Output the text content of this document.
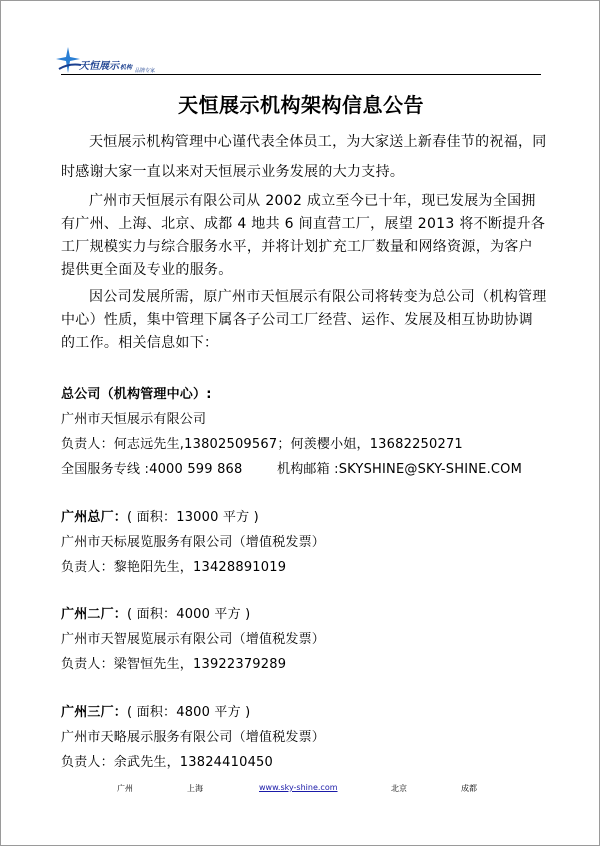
天恒展示机构 品牌专家
天恒展示机构架构信息公告
天恒展示机构管理中心谨代表全体员工，为大家送上新春佳节的祝福，同时感谢大家一直以来对天恒展示业务发展的大力支持。
广州市天恒展示有限公司从 2002 成立至今已十年，现已发展为全国拥有广州、上海、北京、成都 4 地共 6 间直营工厂，展望 2013 将不断提升各工厂规模实力与综合服务水平，并将计划扩充工厂数量和网络资源，为客户提供更全面及专业的服务。
因公司发展所需，原广州市天恒展示有限公司将转变为总公司（机构管理中心）性质，集中管理下属各子公司工厂经营、运作、发展及相互协助协调的工作。相关信息如下：
总公司（机构管理中心）:
广州市天恒展示有限公司
负责人：何志远先生,13802509567；何羡樱小姐，13682250271
全国服务专线 :4000 599 868	机构邮箱 :SKYSHINE@SKY-SHINE.COM
广州总厂：( 面积：13000 平方 )
广州市天标展览服务有限公司（增值税发票）
负责人：黎艳阳先生，13428891019
广州二厂：( 面积：4000 平方 )
广州市天智展览展示有限公司（增值税发票）
负责人：梁智恒先生，13922379289
广州三厂：( 面积：4800 平方 )
广州市天略展示服务有限公司（增值税发票）
负责人：余武先生，13824410450
广州	上海	www.sky-shine.com	北京	成都
